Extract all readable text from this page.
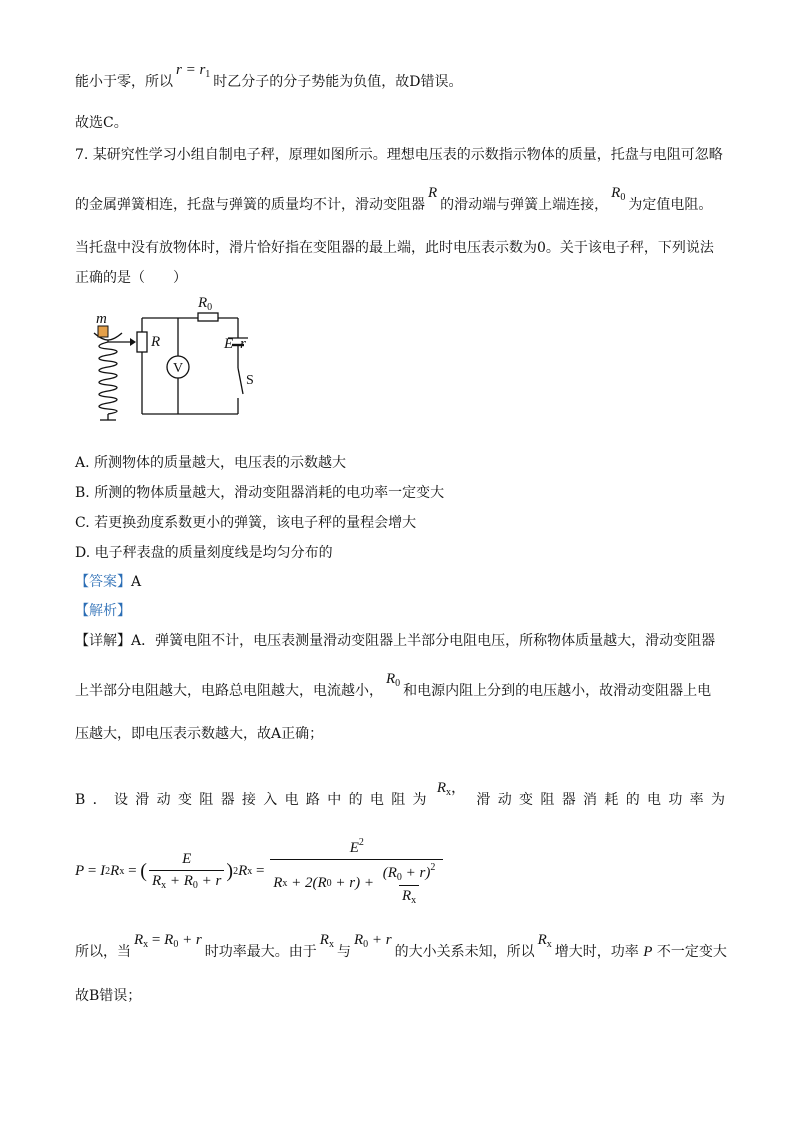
能小于零，所以$r = r_1$ 时乙分子的分子势能为负值，故D错误。
故选C。
7. 某研究性学习小组自制电子秤，原理如图所示。理想电压表的示数指示物体的质量，托盘与电阻可忽略
的金属弹簧相连，托盘与弹簧的质量均不计，滑动变阻器R的滑动端与弹簧上端连接，$R_0$ 为定值电阻。
当托盘中没有放物体时，滑片恰好指在变阻器的最上端，此时电压表示数为0。关于该电子秤，下列说法
正确的是（　　）
m
R
$R_0$
E r
V
S
A. 所测物体的质量越大，电压表的示数越大
B. 所测的物体质量越大，滑动变阻器消耗的电功率一定变大
C. 若更换劲度系数更小的弹簧，该电子秤的量程会增大
D. 电子秤表盘的质量刻度线是均匀分布的
【答案】A
【解析】
【详解】A．弹簧电阻不计，电压表测量滑动变阻器上半部分电阻电压，所称物体质量越大，滑动变阻器
上半部分电阻越大，电路总电阻越大，电流越小，$R_0$ 和电源内阻上分到的电压越小，故滑动变阻器上电
压越大，即电压表示数越大，故A正确；
B ． 设 滑 动 变 阻 器 接 入 电 路 中 的 电 阻 为
$R_x$，
滑 动 变 阻 器 消 耗 的 电 功 率 为
P
=
I 2 R x
=
( $\frac{E}{R_x + R_0 + r}$ ) 2 R x
=
$E^2$
R x
+ 2(R 0
+ r) +
$\frac{(R_0 + r)^2}{R_x}$
所以，当$R_x = R_0 + r$时功率最大。由于$R_x$ 与$R_0 + r$的大小关系未知，所以$R_x$ 增大时，功率 P 不一定变大
故B错误；
